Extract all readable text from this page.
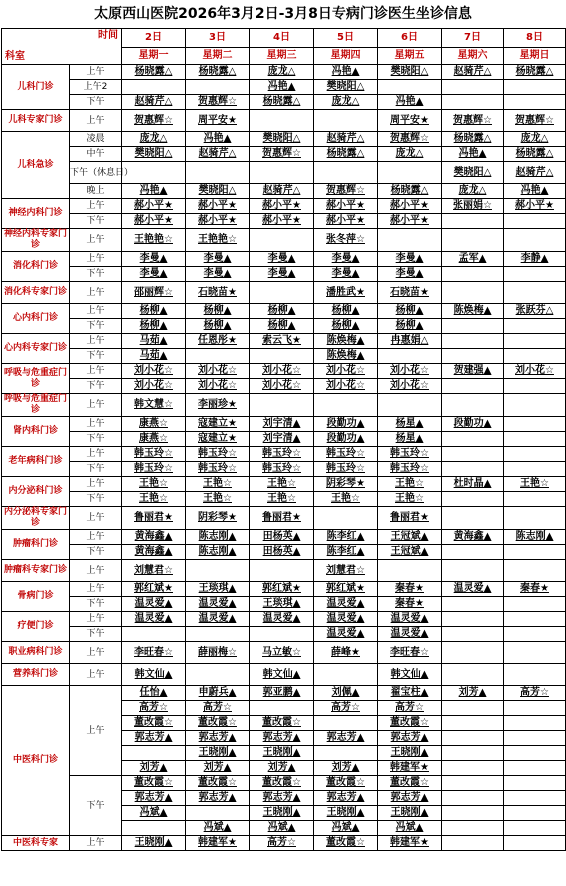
太原西山医院2026年3月2日-3月8日专病门诊医生坐诊信息
时间
科室		2日	3日	4日	5日	6日	7日	8日
		星期一	星期二	星期三	星期四	星期五	星期六	星期日
儿科门诊	上午	杨晓露△	杨晓露△	庞龙△	冯艳▲	樊晓阳△	赵骑芹△	杨晓露△
	上午2			冯艳▲	樊晓阳△			
	下午	赵骑芹△	贺惠辉☆	杨晓露△	庞龙△	冯艳▲		
儿科专家门诊	上午	贺惠辉☆	周平安★			周平安★	贺惠辉☆	贺惠辉☆
儿科急诊	凌晨	庞龙△	冯艳▲	樊晓阳△	赵骑芹△	贺惠辉☆	杨晓露△	庞龙△
	中午	樊晓阳△	赵骑芹△	贺惠辉☆	杨晓露△	庞龙△	冯艳▲	杨晓露△
	下午（休息日）						樊晓阳△	赵骑芹△
	晚上	冯艳▲	樊晓阳△	赵骑芹△	贺惠辉☆	杨晓露△	庞龙△	冯艳▲
神经内科门诊	上午	郝小平★	郝小平★	郝小平★	郝小平★	郝小平★	张丽娟☆	郝小平★
	下午	郝小平★	郝小平★	郝小平★	郝小平★	郝小平★		
神经内科专家门诊	上午	王艳艳☆	王艳艳☆		张冬萍☆			
消化科门诊	上午	李曼▲	李曼▲	李曼▲	李曼▲	李曼▲	孟军▲	李静▲
	下午	李曼▲	李曼▲	李曼▲	李曼▲	李曼▲		
消化科专家门诊	上午	邵丽辉☆	石晓苗★		潘胜武★	石晓苗★		
心内科门诊	上午	杨柳▲	杨柳▲	杨柳▲	杨柳▲	杨柳▲	陈焕梅▲	张跃芬△
	下午	杨柳▲	杨柳▲	杨柳▲	杨柳▲	杨柳▲		
心内科专家门诊	上午	马茹▲	任恩彤★	索云飞★	陈焕梅▲	冉惠娟△		
	下午	马茹▲			陈焕梅▲			
呼吸与危重症门诊	上午	刘小花☆	刘小花☆	刘小花☆	刘小花☆	刘小花☆	贺建强▲	刘小花☆
	下午	刘小花☆	刘小花☆	刘小花☆	刘小花☆	刘小花☆		
呼吸与危重症门诊	上午	韩文慧☆	李丽珍★					
肾内科门诊	上午	康燕☆	寇建立★	刘宇清▲	段勤功▲	杨星▲	段勤功▲	
	下午	康燕☆	寇建立★	刘宇清▲	段勤功▲	杨星▲		
老年病科门诊	上午	韩玉玲☆	韩玉玲☆	韩玉玲☆	韩玉玲☆	韩玉玲☆		
	下午	韩玉玲☆	韩玉玲☆	韩玉玲☆	韩玉玲☆	韩玉玲☆		
内分泌科门诊	上午	王艳☆	王艳☆	王艳☆	阴彩琴★	王艳☆	杜时晶▲	王艳☆
	下午	王艳☆	王艳☆	王艳☆	王艳☆	王艳☆		
内分泌科专家门诊	上午	鲁丽君★	阴彩琴★	鲁丽君★		鲁丽君★		
肿瘤科门诊	上午	黄海鑫▲	陈志刚▲	田杨英▲	陈李红▲	王冠斌▲	黄海鑫▲	陈志刚▲
	下午	黄海鑫▲	陈志刚▲	田杨英▲	陈李红▲	王冠斌▲		
肿瘤科专家门诊	上午	刘慧君☆			刘慧君☆			
骨病门诊	上午	郭红斌★	王琰琪▲	郭红斌★	郭红斌★	秦春★	温灵爱▲	秦春★
	下午	温灵爱▲	温灵爱▲	王琰琪▲	温灵爱▲	秦春★		
疗便门诊	上午	温灵爱▲	温灵爱▲	温灵爱▲	温灵爱▲	温灵爱▲		
	下午				温灵爱▲	温灵爱▲		
职业病科门诊	上午	李旺春☆	薛丽梅☆	马立敏☆	薛峰★	李旺春☆		
营养科门诊	上午	韩文仙▲		韩文仙▲		韩文仙▲		
中医科门诊	上午	任怡▲	申蔚兵▲	郭亚鹏▲	刘佩▲	翟宝柱▲	刘芳▲	高芳☆
		高芳☆	高芳☆		高芳☆	高芳☆		
		董改霞☆	董改霞☆	董改霞☆		董改霞☆		
		郭志芳▲	郭志芳▲	郭志芳▲	郭志芳▲	郭志芳▲		
			王晓刚▲	王晓刚▲		王晓刚▲		
		刘芳▲	刘芳▲	刘芳▲	刘芳▲	韩建军★		
	下午	董改霞☆	董改霞☆	董改霞☆	董改霞☆	董改霞☆		
		郭志芳▲	郭志芳▲	郭志芳▲	郭志芳▲	郭志芳▲		
		冯斌▲		王晓刚▲	王晓刚▲	王晓刚▲		
			冯斌▲	冯斌▲	冯斌▲	冯斌▲		
中医科专家	上午	王晓刚▲	韩建军★	高芳☆	董改霞☆	韩建军★		
